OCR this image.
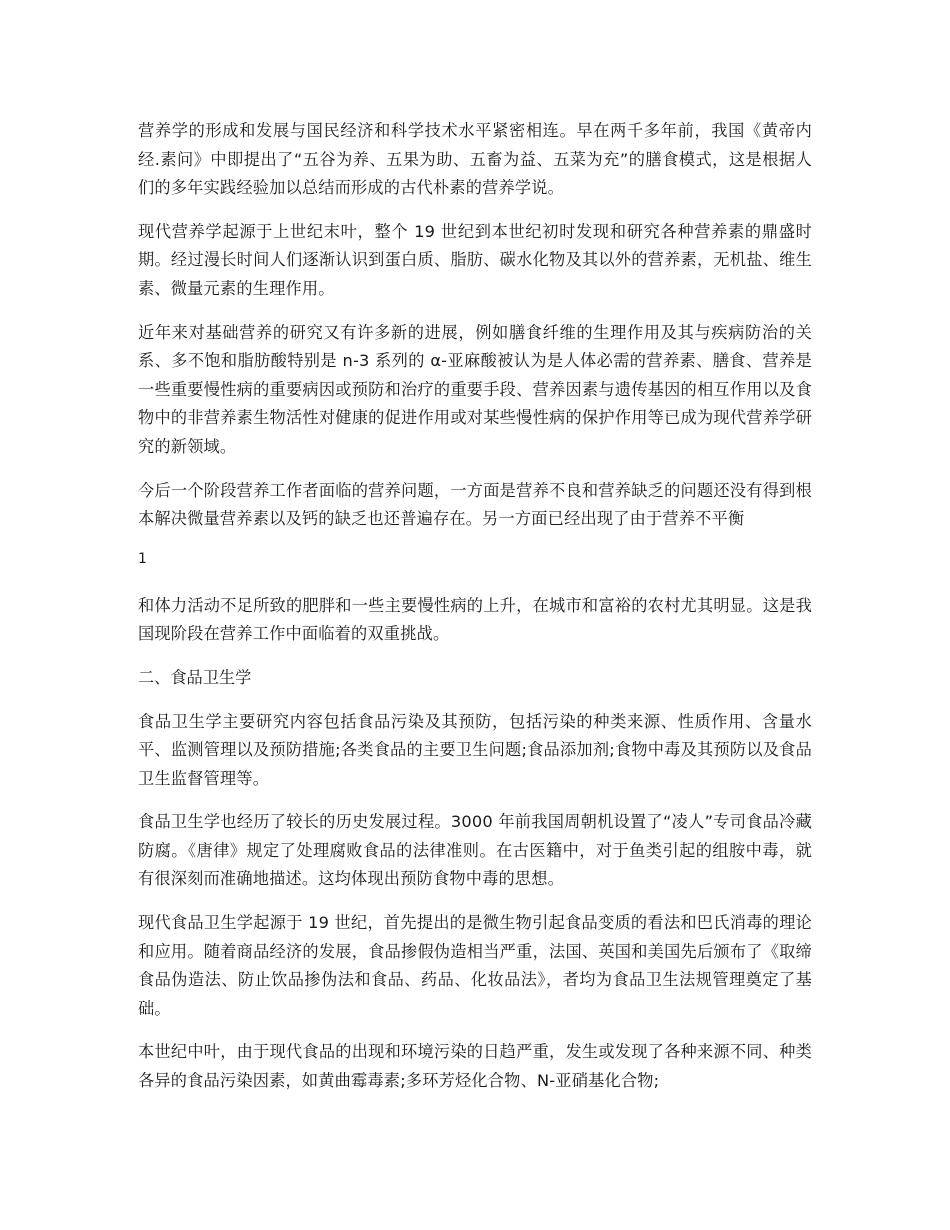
营养学的形成和发展与国民经济和科学技术水平紧密相连。早在两千多年前，我国《黄帝内经.素问》中即提出了“五谷为养、五果为助、五畜为益、五菜为充”的膳食模式，这是根据人们的多年实践经验加以总结而形成的古代朴素的营养学说。

现代营养学起源于上世纪末叶，整个 19 世纪到本世纪初时发现和研究各种营养素的鼎盛时期。经过漫长时间人们逐渐认识到蛋白质、脂肪、碳水化物及其以外的营养素，无机盐、维生素、微量元素的生理作用。

近年来对基础营养的研究又有许多新的进展，例如膳食纤维的生理作用及其与疾病防治的关系、多不饱和脂肪酸特别是 n-3 系列的 α-亚麻酸被认为是人体必需的营养素、膳食、营养是一些重要慢性病的重要病因或预防和治疗的重要手段、营养因素与遗传基因的相互作用以及食物中的非营养素生物活性对健康的促进作用或对某些慢性病的保护作用等已成为现代营养学研究的新领域。

今后一个阶段营养工作者面临的营养问题，一方面是营养不良和营养缺乏的问题还没有得到根本解决微量营养素以及钙的缺乏也还普遍存在。另一方面已经出现了由于营养不平衡

1

和体力活动不足所致的肥胖和一些主要慢性病的上升，在城市和富裕的农村尤其明显。这是我国现阶段在营养工作中面临着的双重挑战。

二、食品卫生学

食品卫生学主要研究内容包括食品污染及其预防，包括污染的种类来源、性质作用、含量水平、监测管理以及预防措施;各类食品的主要卫生问题;食品添加剂;食物中毒及其预防以及食品卫生监督管理等。

食品卫生学也经历了较长的历史发展过程。3000 年前我国周朝机设置了“凌人”专司食品冷藏防腐。《唐律》规定了处理腐败食品的法律准则。在古医籍中，对于鱼类引起的组胺中毒，就有很深刻而准确地描述。这均体现出预防食物中毒的思想。

现代食品卫生学起源于 19 世纪，首先提出的是微生物引起食品变质的看法和巴氏消毒的理论和应用。随着商品经济的发展，食品掺假伪造相当严重，法国、英国和美国先后颁布了《取缔食品伪造法、防止饮品掺伪法和食品、药品、化妆品法》，者均为食品卫生法规管理奠定了基础。

本世纪中叶，由于现代食品的出现和环境污染的日趋严重，发生或发现了各种来源不同、种类各异的食品污染因素，如黄曲霉毒素;多环芳烃化合物、N-亚硝基化合物;
